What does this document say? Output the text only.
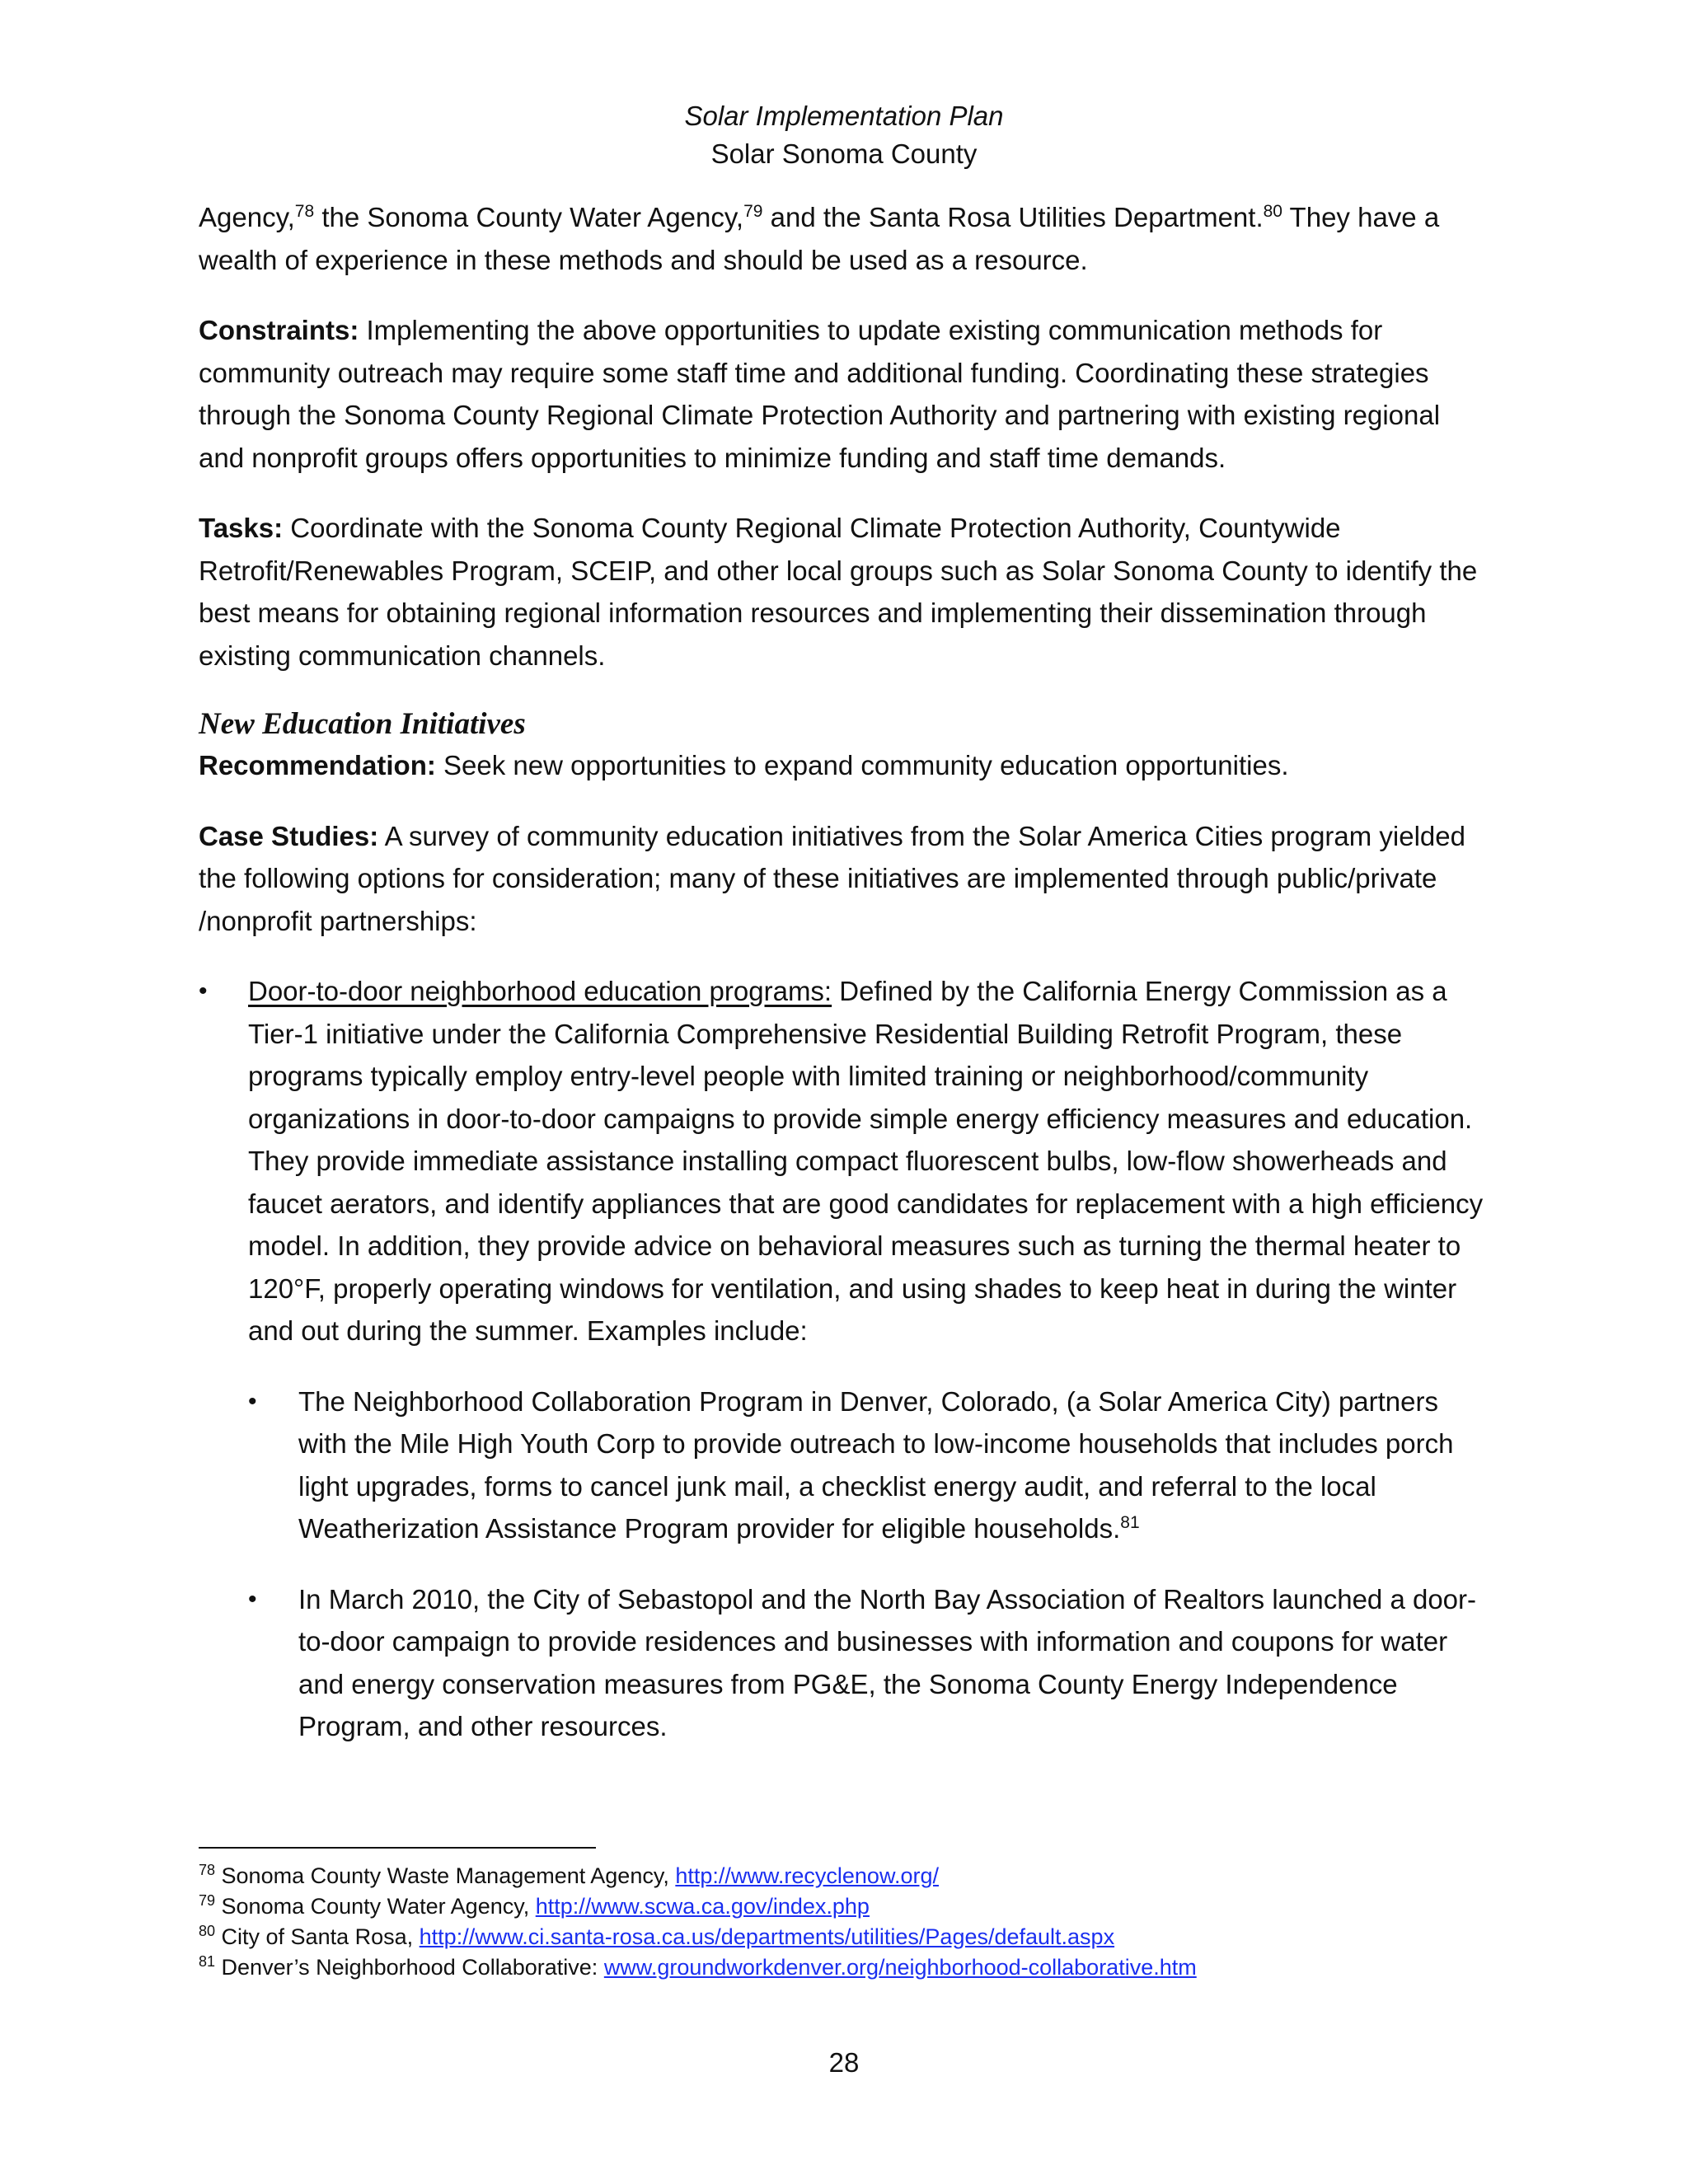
Solar Implementation Plan
Solar Sonoma County

Agency,$^{78}$ the Sonoma County Water Agency,$^{79}$ and the Santa Rosa Utilities Department.$^{80}$ They have a wealth of experience in these methods and should be used as a resource.

Constraints: Implementing the above opportunities to update existing communication methods for community outreach may require some staff time and additional funding. Coordinating these strategies through the Sonoma County Regional Climate Protection Authority and partnering with existing regional and nonprofit groups offers opportunities to minimize funding and staff time demands.

Tasks: Coordinate with the Sonoma County Regional Climate Protection Authority, Countywide Retrofit/Renewables Program, SCEIP, and other local groups such as Solar Sonoma County to identify the best means for obtaining regional information resources and implementing their dissemination through existing communication channels.

New Education Initiatives

Recommendation: Seek new opportunities to expand community education opportunities.

Case Studies: A survey of community education initiatives from the Solar America Cities program yielded the following options for consideration; many of these initiatives are implemented through public/private /nonprofit partnerships:

• Door-to-door neighborhood education programs: Defined by the California Energy Commission as a Tier-1 initiative under the California Comprehensive Residential Building Retrofit Program, these programs typically employ entry-level people with limited training or neighborhood/community organizations in door-to-door campaigns to provide simple energy efficiency measures and education. They provide immediate assistance installing compact fluorescent bulbs, low-flow showerheads and faucet aerators, and identify appliances that are good candidates for replacement with a high efficiency model. In addition, they provide advice on behavioral measures such as turning the thermal heater to 120°F, properly operating windows for ventilation, and using shades to keep heat in during the winter and out during the summer. Examples include:
• The Neighborhood Collaboration Program in Denver, Colorado, (a Solar America City) partners with the Mile High Youth Corp to provide outreach to low-income households that includes porch light upgrades, forms to cancel junk mail, a checklist energy audit, and referral to the local Weatherization Assistance Program provider for eligible households.$^{81}$
• In March 2010, the City of Sebastopol and the North Bay Association of Realtors launched a door-to-door campaign to provide residences and businesses with information and coupons for water and energy conservation measures from PG&E, the Sonoma County Energy Independence Program, and other resources.
$^{78}$ Sonoma County Waste Management Agency, http://www.recyclenow.org/
$^{79}$ Sonoma County Water Agency, http://www.scwa.ca.gov/index.php
$^{80}$ City of Santa Rosa, http://www.ci.santa-rosa.ca.us/departments/utilities/Pages/default.aspx
$^{81}$ Denver’s Neighborhood Collaborative: www.groundworkdenver.org/neighborhood-collaborative.htm
28
